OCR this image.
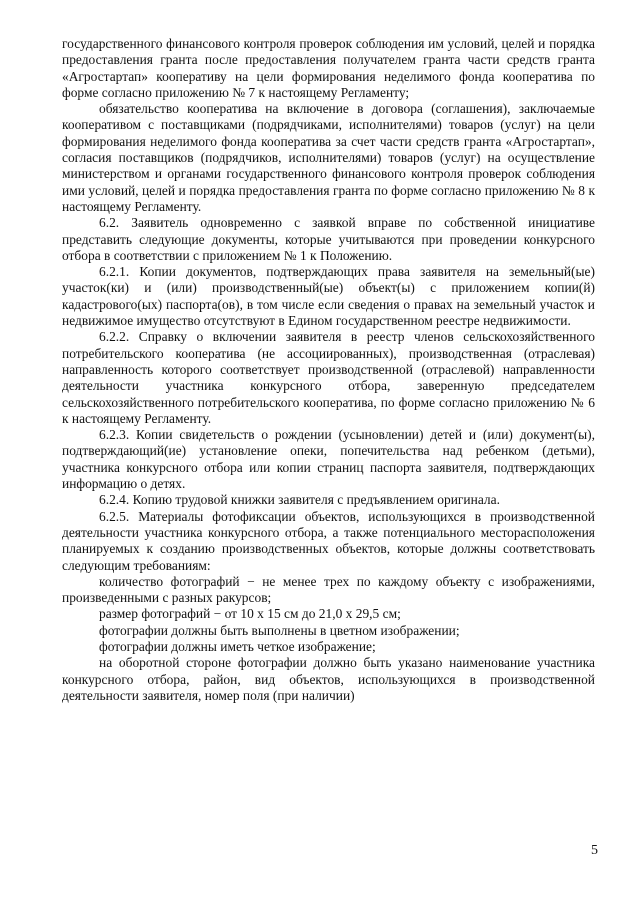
государственного финансового контроля проверок соблюдения им условий, целей и порядка предоставления гранта после предоставления получателем гранта части средств гранта «Агростартап» кооперативу на цели формирования неделимого фонда кооператива по форме согласно приложению № 7 к настоящему Регламенту;

обязательство кооператива на включение в договора (соглашения), заключаемые кооперативом с поставщиками (подрядчиками, исполнителями) товаров (услуг) на цели формирования неделимого фонда кооператива за счет части средств гранта «Агростартап», согласия поставщиков (подрядчиков, исполнителями) товаров (услуг) на осуществление министерством и органами государственного финансового контроля проверок соблюдения ими условий, целей и порядка предоставления гранта по форме согласно приложению № 8 к настоящему Регламенту.

6.2. Заявитель одновременно с заявкой вправе по собственной инициативе представить следующие документы, которые учитываются при проведении конкурсного отбора в соответствии с приложением № 1 к Положению.

6.2.1. Копии документов, подтверждающих права заявителя на земельный(ые) участок(ки) и (или) производственный(ые) объект(ы) с приложением копии(й) кадастрового(ых) паспорта(ов), в том числе если сведения о правах на земельный участок и недвижимое имущество отсутствуют в Едином государственном реестре недвижимости.

6.2.2. Справку о включении заявителя в реестр членов сельскохозяйственного потребительского кооператива (не ассоциированных), производственная (отраслевая) направленность которого соответствует производственной (отраслевой) направленности деятельности участника конкурсного отбора, заверенную председателем сельскохозяйственного потребительского кооператива, по форме согласно приложению № 6 к настоящему Регламенту.

6.2.3. Копии свидетельств о рождении (усыновлении) детей и (или) документ(ы), подтверждающий(ие) установление опеки, попечительства над ребенком (детьми), участника конкурсного отбора или копии страниц паспорта заявителя, подтверждающих информацию о детях.

6.2.4. Копию трудовой книжки заявителя с предъявлением оригинала.

6.2.5. Материалы фотофиксации объектов, использующихся в производственной деятельности участника конкурсного отбора, а также потенциального месторасположения планируемых к созданию производственных объектов, которые должны соответствовать следующим требованиям:

количество фотографий − не менее трех по каждому объекту с изображениями, произведенными с разных ракурсов;

размер фотографий − от 10 x 15 см до 21,0 x 29,5 см;

фотографии должны быть выполнены в цветном изображении;

фотографии должны иметь четкое изображение;

на оборотной стороне фотографии должно быть указано наименование участника конкурсного отбора, район, вид объектов, использующихся в производственной деятельности заявителя, номер поля (при наличии)

5
